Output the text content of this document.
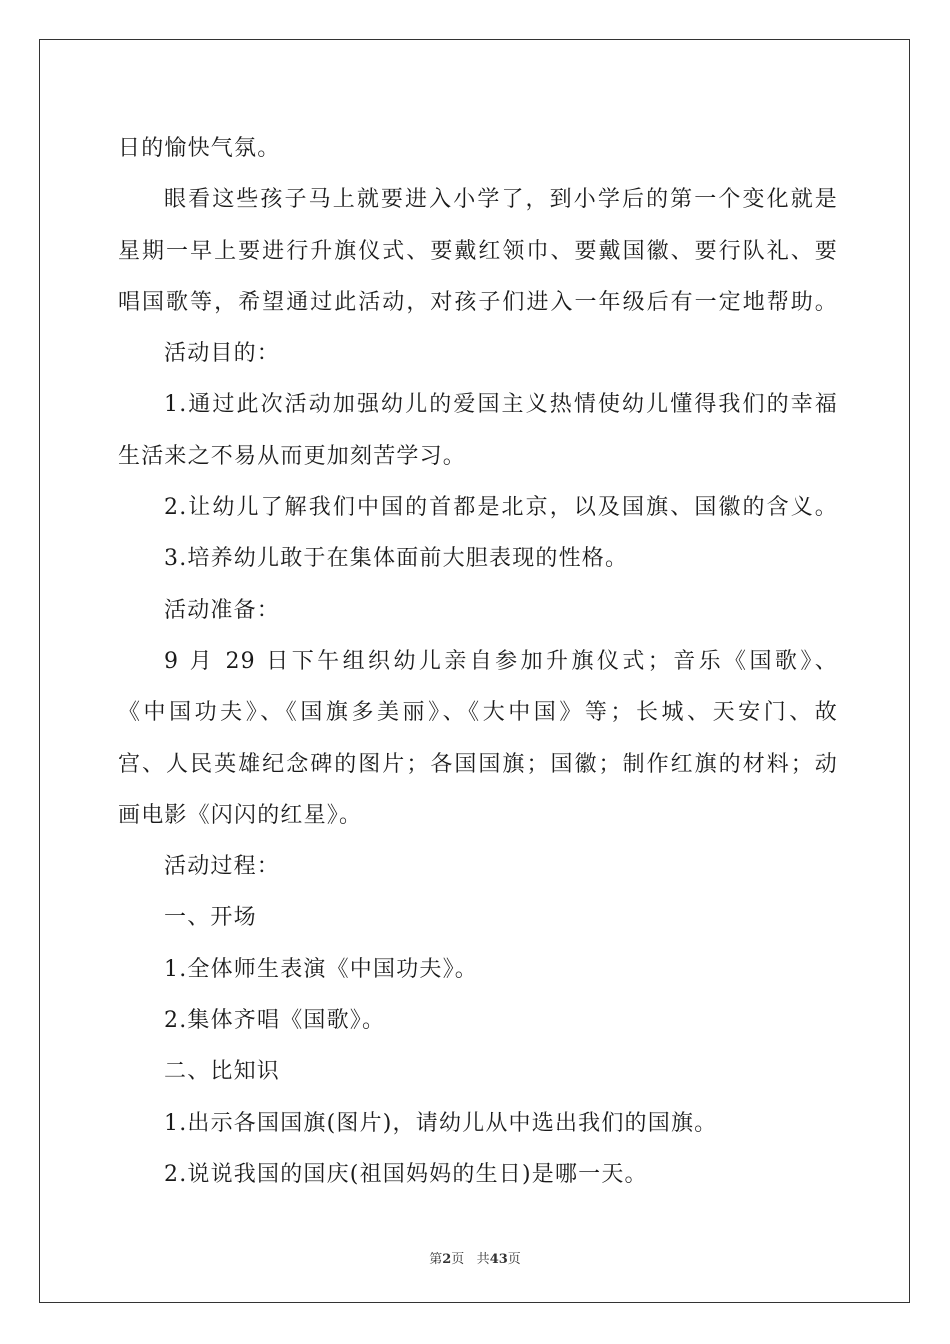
日的愉快气氛。
眼看这些孩子马上就要进入小学了，到小学后的第一个变化就是
星期一早上要进行升旗仪式、要戴红领巾、要戴国徽、要行队礼、要
唱国歌等，希望通过此活动，对孩子们进入一年级后有一定地帮助。
活动目的：
1.通过此次活动加强幼儿的爱国主义热情使幼儿懂得我们的幸福
生活来之不易从而更加刻苦学习。
2.让幼儿了解我们中国的首都是北京，以及国旗、国徽的含义。
3.培养幼儿敢于在集体面前大胆表现的性格。
活动准备：
9 月 29 日下午组织幼儿亲自参加升旗仪式；音乐《国歌》、
《中国功夫》、《国旗多美丽》、《大中国》等；长城、天安门、故
宫、人民英雄纪念碑的图片；各国国旗；国徽；制作红旗的材料；动
画电影《闪闪的红星》。
活动过程：
一、开场
1.全体师生表演《中国功夫》。
2.集体齐唱《国歌》。
二、比知识
1.出示各国国旗(图片)，请幼儿从中选出我们的国旗。
2.说说我国的国庆(祖国妈妈的生日)是哪一天。
第2页 共43页
